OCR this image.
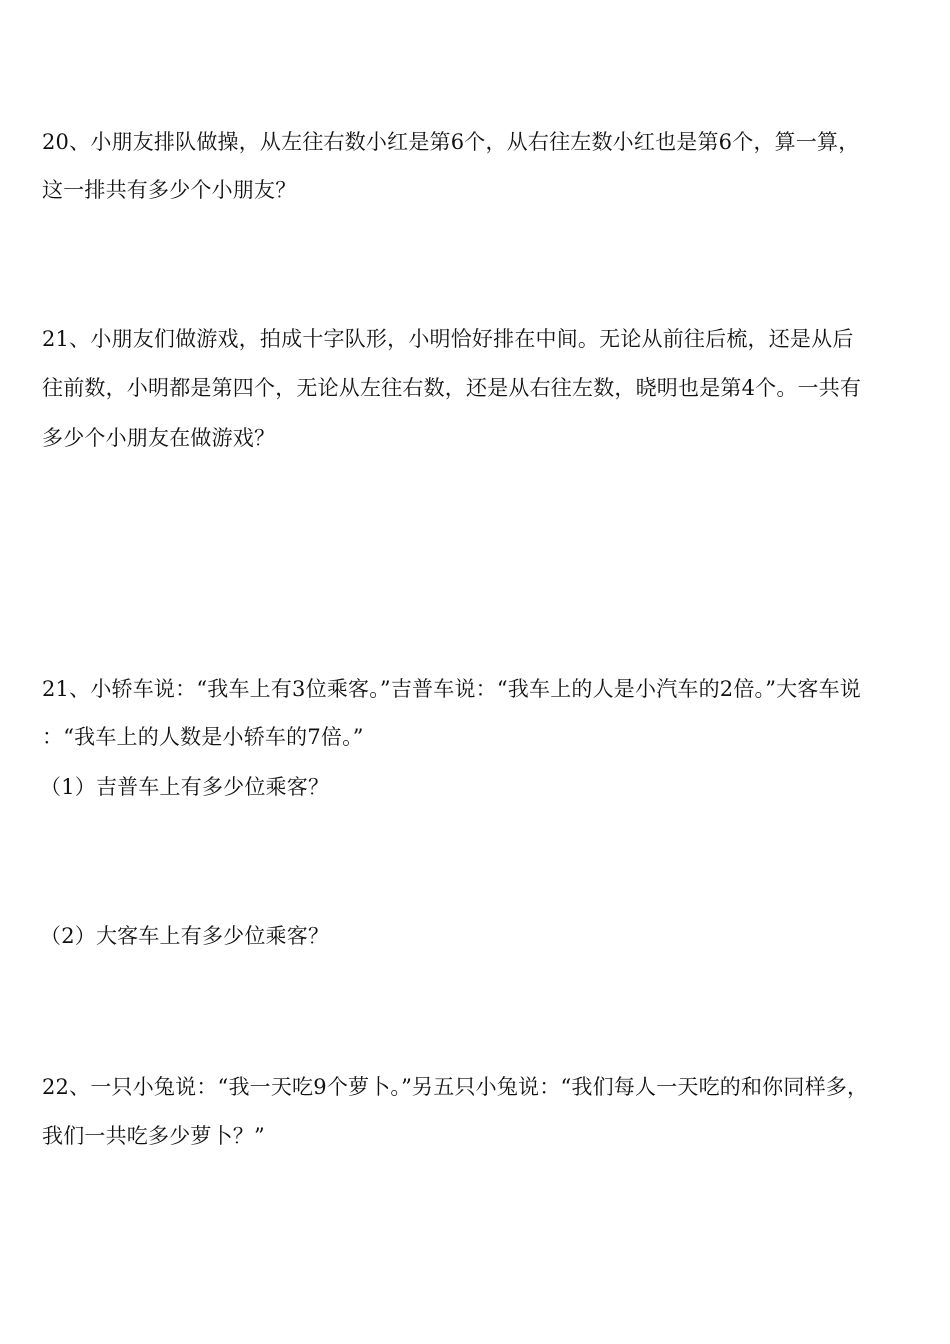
20、小朋友排队做操，从左往右数小红是第6个，从右往左数小红也是第6个，算一算，
这一排共有多少个小朋友？
21、小朋友们做游戏，拍成十字队形，小明恰好排在中间。无论从前往后梳，还是从后
往前数，小明都是第四个，无论从左往右数，还是从右往左数，晓明也是第4个。一共有
多少个小朋友在做游戏？
21、小轿车说：“我车上有3位乘客。”吉普车说：“我车上的人是小汽车的2倍。”大客车说
：“我车上的人数是小轿车的7倍。”
（1）吉普车上有多少位乘客？
（2）大客车上有多少位乘客？
22、一只小兔说：“我一天吃9个萝卜。”另五只小兔说：“我们每人一天吃的和你同样多，
我们一共吃多少萝卜？”
